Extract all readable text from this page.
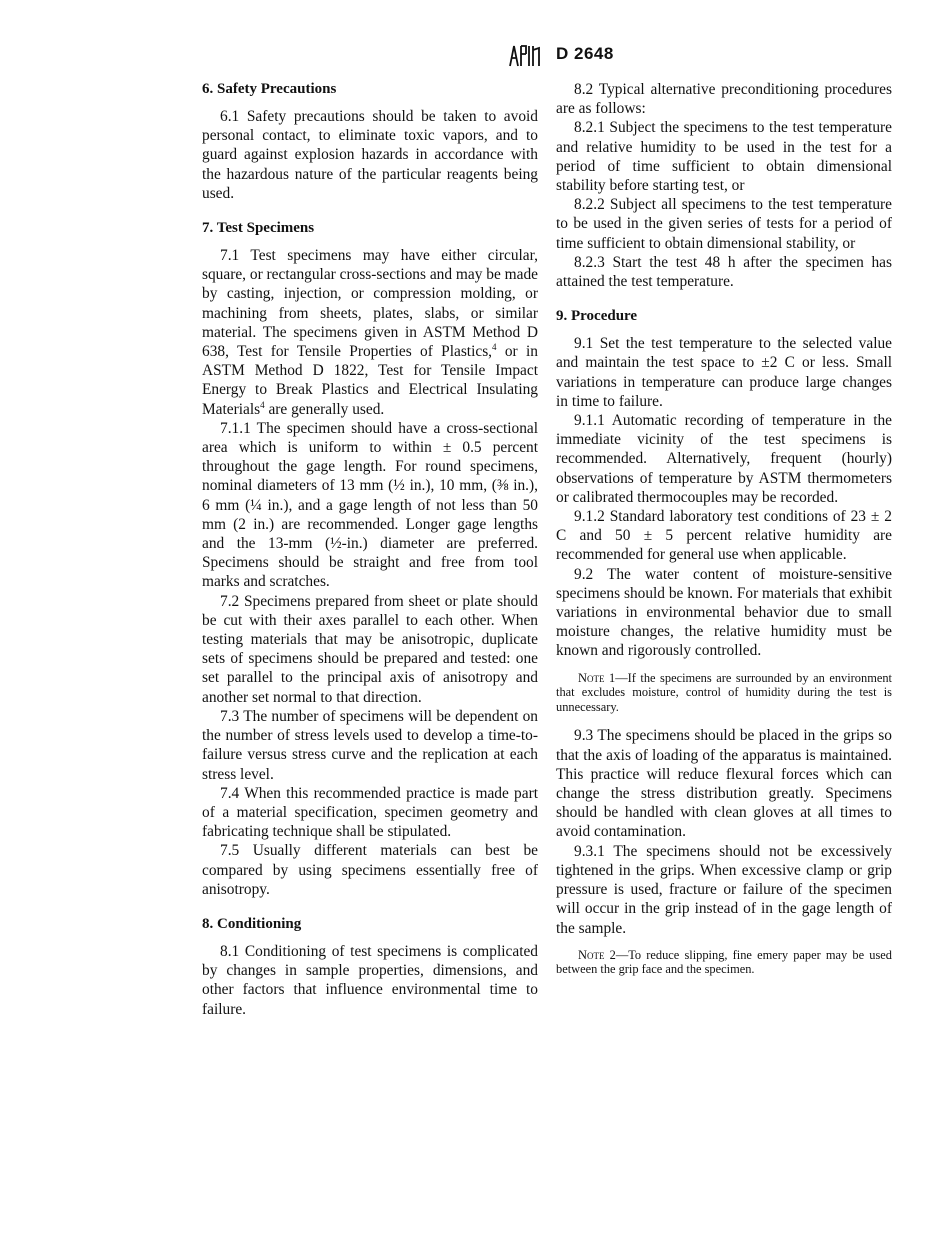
D 2648
6. Safety Precautions

6.1 Safety precautions should be taken to avoid personal contact, to eliminate toxic vapors, and to guard against explosion hazards in accordance with the hazardous nature of the particular reagents being used.

7. Test Specimens

7.1 Test specimens may have either circular, square, or rectangular cross-sections and may be made by casting, injection, or compression molding, or machining from sheets, plates, slabs, or similar material. The specimens given in ASTM Method D 638, Test for Tensile Properties of Plastics,$^4$ or in ASTM Method D 1822, Test for Tensile Impact Energy to Break Plastics and Electrical Insulating Materials$^4$ are generally used.

7.1.1 The specimen should have a cross-sectional area which is uniform to within ± 0.5 percent throughout the gage length. For round specimens, nominal diameters of 13 mm (½ in.), 10 mm, (⅜ in.), 6 mm (¼ in.), and a gage length of not less than 50 mm (2 in.) are recommended. Longer gage lengths and the 13-mm (½-in.) diameter are preferred. Specimens should be straight and free from tool marks and scratches.

7.2 Specimens prepared from sheet or plate should be cut with their axes parallel to each other. When testing materials that may be anisotropic, duplicate sets of specimens should be prepared and tested: one set parallel to the principal axis of anisotropy and another set normal to that direction.

7.3 The number of specimens will be dependent on the number of stress levels used to develop a time-to-failure versus stress curve and the replication at each stress level.

7.4 When this recommended practice is made part of a material specification, specimen geometry and fabricating technique shall be stipulated.

7.5 Usually different materials can best be compared by using specimens essentially free of anisotropy.

8. Conditioning

8.1 Conditioning of test specimens is complicated by changes in sample properties, dimensions, and other factors that influence environmental time to failure.

8.2 Typical alternative preconditioning procedures are as follows:

8.2.1 Subject the specimens to the test temperature and relative humidity to be used in the test for a period of time sufficient to obtain dimensional stability before starting test, or

8.2.2 Subject all specimens to the test temperature to be used in the given series of tests for a period of time sufficient to obtain dimensional stability, or

8.2.3 Start the test 48 h after the specimen has attained the test temperature.

9. Procedure

9.1 Set the test temperature to the selected value and maintain the test space to ±2 C or less. Small variations in temperature can produce large changes in time to failure.

9.1.1 Automatic recording of temperature in the immediate vicinity of the test specimens is recommended. Alternatively, frequent (hourly) observations of temperature by ASTM thermometers or calibrated thermocouples may be recorded.

9.1.2 Standard laboratory test conditions of 23 ± 2 C and 50 ± 5 percent relative humidity are recommended for general use when applicable.

9.2 The water content of moisture-sensitive specimens should be known. For materials that exhibit variations in environmental behavior due to small moisture changes, the relative humidity must be known and rigorously controlled.

Note 1—If the specimens are surrounded by an environment that excludes moisture, control of humidity during the test is unnecessary.

9.3 The specimens should be placed in the grips so that the axis of loading of the apparatus is maintained. This practice will reduce flexural forces which can change the stress distribution greatly. Specimens should be handled with clean gloves at all times to avoid contamination.

9.3.1 The specimens should not be excessively tightened in the grips. When excessive clamp or grip pressure is used, fracture or failure of the specimen will occur in the grip instead of in the gage length of the sample.

Note 2—To reduce slipping, fine emery paper may be used between the grip face and the specimen.
